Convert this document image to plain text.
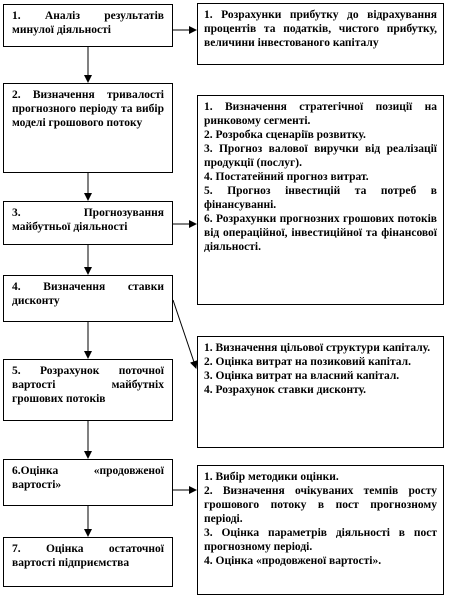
1. Аналіз результатів минулої діяльності
2. Визначення тривалості прогнозного періоду та вибір моделі грошового потоку
3. Прогнозування майбутньої діяльності
4. Визначення ставки дисконту
5. Розрахунок поточної вартості майбутніх грошових потоків
6.Оцінка «продовженої вартості»
7. Оцінка остаточної вартості підприємства
1. Розрахунки прибутку до відрахування процентів та податків, чистого прибутку, величини інвестованого капіталу
1. Визначення стратегічної позиції на ринковому сегменті.
2. Розробка сценаріїв розвитку.
3. Прогноз валової виручки від реалізації продукції (послуг).
4. Постатейний прогноз витрат.
5. Прогноз інвестицій та потреб в фінансуванні.
6. Розрахунки прогнозних грошових потоків від операційної, інвестиційної та фінансової діяльності.
1. Визначення цільової структури капіталу.
2. Оцінка витрат на позиковий капітал.
3. Оцінка витрат на власний капітал.
4. Розрахунок ставки дисконту.
1. Вибір методики оцінки.
2. Визначення очікуваних темпів росту грошового потоку в пост прогнозному періоді.
3. Оцінка параметрів діяльності в пост прогнозному періоді.
4. Оцінка «продовженої вартості».
